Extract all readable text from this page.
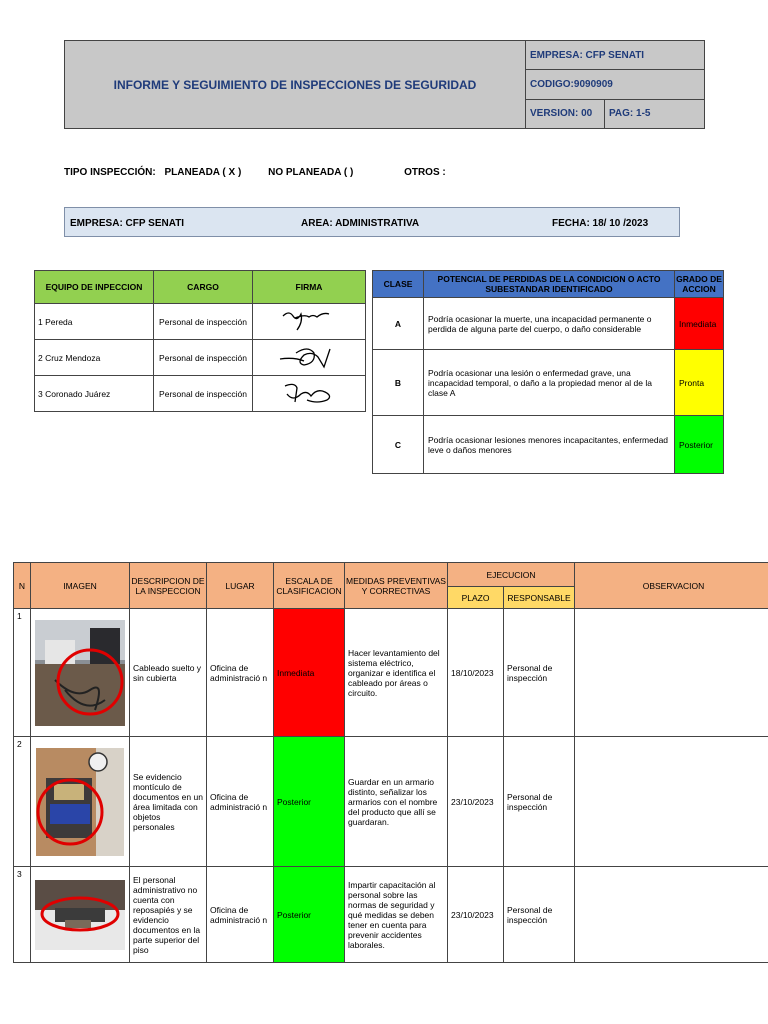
INFORME Y SEGUIMIENTO DE INSPECCIONES DE SEGURIDAD	EMPRESA: CFP SENATI	
	CODIGO:9090909	
	VERSION: 00	PAG: 1-5
TIPO INSPECCIÓN: PLANEADA ( X )	NO PLANEADA ( )	OTROS :
EMPRESA: CFP SENATI	AREA: ADMINISTRATIVA	FECHA: 18/ 10 /2023
EQUIPO DE INPECCION	CARGO	FIRMA
1 Pereda	Personal de inspección	
2 Cruz Mendoza	Personal de inspección	
3 Coronado Juárez	Personal de inspección	
CLASE	POTENCIAL DE PERDIDAS DE LA CONDICION O ACTO SUBESTANDAR IDENTIFICADO	GRADO DE ACCION
A	Podría ocasionar la muerte, una incapacidad permanente o perdida de alguna parte del cuerpo, o daño considerable	Inmediata
B	Podría ocasionar una lesión o enfermedad grave, una incapacidad temporal, o daño a la propiedad menor al de la clase A	Pronta
C	Podría ocasionar lesiones menores incapacitantes, enfermedad leve o daños menores	Posterior
N	IMAGEN	DESCRIPCION DE LA INSPECCION	LUGAR	ESCALA DE CLASIFICACION	MEDIDAS PREVENTIVAS Y CORRECTIVAS	EJECUCION		OBSERVACION
						PLAZO	RESPONSABLE	
1		Cableado suelto y sin cubierta	Oficina de administració n	Inmediata	Hacer levantamiento del sistema eléctrico, organizar e identifica el cableado por áreas o circuito.	18/10/2023	Personal de inspección	
2		Se evidencio montículo de documentos en un área limitada con objetos personales	Oficina de administració n	Posterior	Guardar en un armario distinto, señalizar los armarios con el nombre del producto que allí se guardaran.	23/10/2023	Personal de inspección	
3		El personal administrativo no cuenta con reposapiés y se evidencio documentos en la parte superior del piso	Oficina de administració n	Posterior	Impartir capacitación al personal sobre las normas de seguridad y qué medidas se deben tener en cuenta para prevenir accidentes laborales.	23/10/2023	Personal de inspección	
